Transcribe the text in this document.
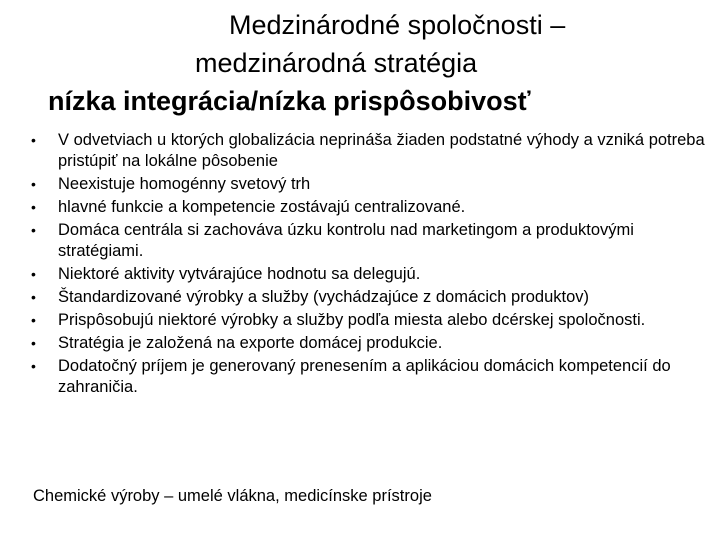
Medzinárodné spoločnosti –
medzinárodná stratégia
nízka integrácia/nízka prispôsobivosť
• V odvetviach u ktorých globalizácia neprináša žiaden podstatné výhody a vzniká potreba pristúpiť na lokálne pôsobenie
• Neexistuje homogénny svetový trh
• hlavné funkcie a kompetencie zostávajú centralizované.
• Domáca centrála si zachováva úzku kontrolu nad marketingom a produktovými stratégiami.
• Niektoré aktivity vytvárajúce hodnotu sa delegujú.
• Štandardizované výrobky a služby (vychádzajúce z domácich produktov)
• Prispôsobujú niektoré výrobky a služby podľa miesta alebo dcérskej spoločnosti.
• Stratégia je založená na exporte domácej produkcie.
• Dodatočný príjem je generovaný prenesením a aplikáciou domácich kompetencií do zahraničia.

Chemické výroby – umelé vlákna, medicínske prístroje
